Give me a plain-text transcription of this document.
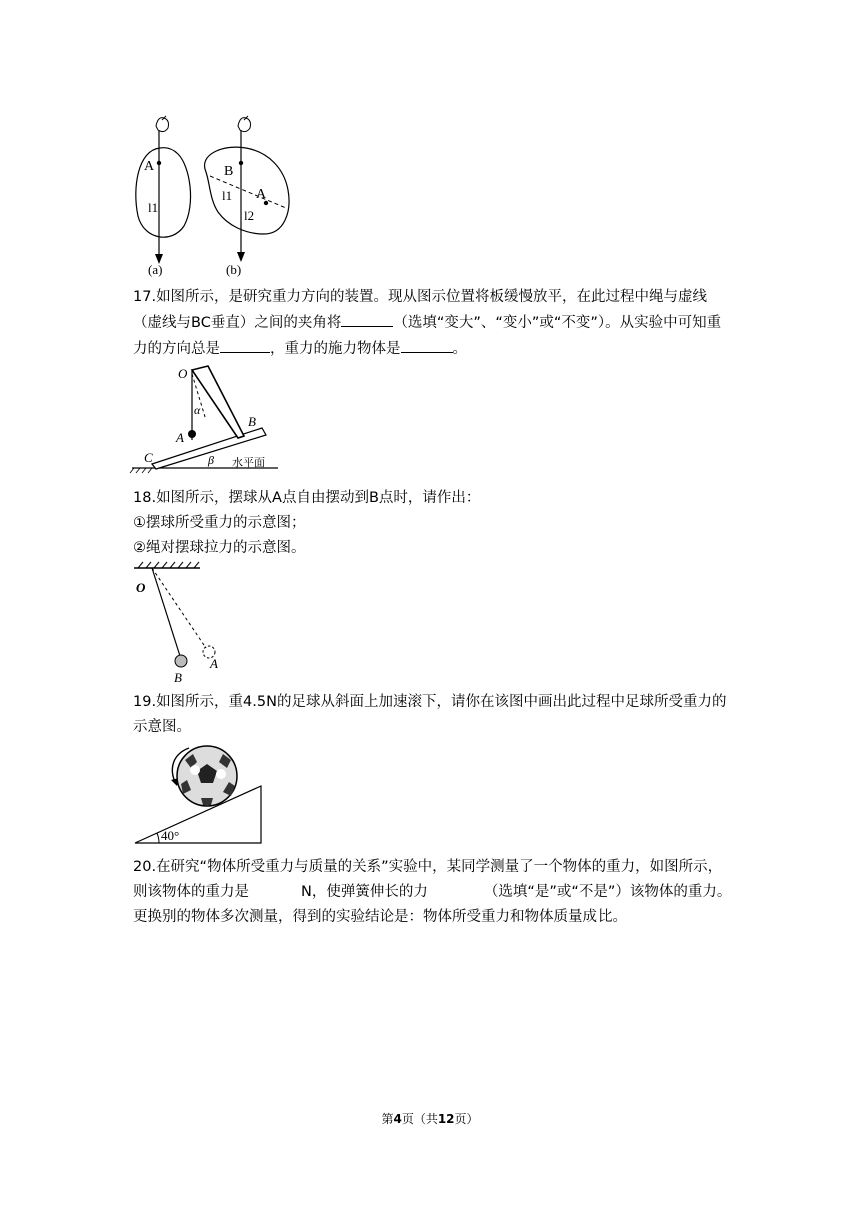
A
l1
B
A
l1
l2
(a)	(b)
17.如图所示，是研究重力方向的装置。现从图示位置将板缓慢放平，在此过程中绳与虚线（虚线与BC垂直）之间的夹角将	（选填“变大”、“变小”或“不变”）。从实验中可知重力的方向总是	，重力的施力物体是	。
O
α
A
B
C	β 水平面
18.如图所示，摆球从A点自由摆动到B点时，请作出：
①摆球所受重力的示意图；
②绳对摆球拉力的示意图。
O
A
B
19.如图所示，重4.5N的足球从斜面上加速滚下，请你在该图中画出此过程中足球所受重力的示意图。
40°
20.在研究“物体所受重力与质量的关系”实验中，某同学测量了一个物体的重力，如图所示，则该物体的重力是	N，使弹簧伸长的力	（选填“是”或“不是”）该物体的重力。更换别的物体多次测量，得到的实验结论是：物体所受重力和物体质量成比。
第4页（共12页）
